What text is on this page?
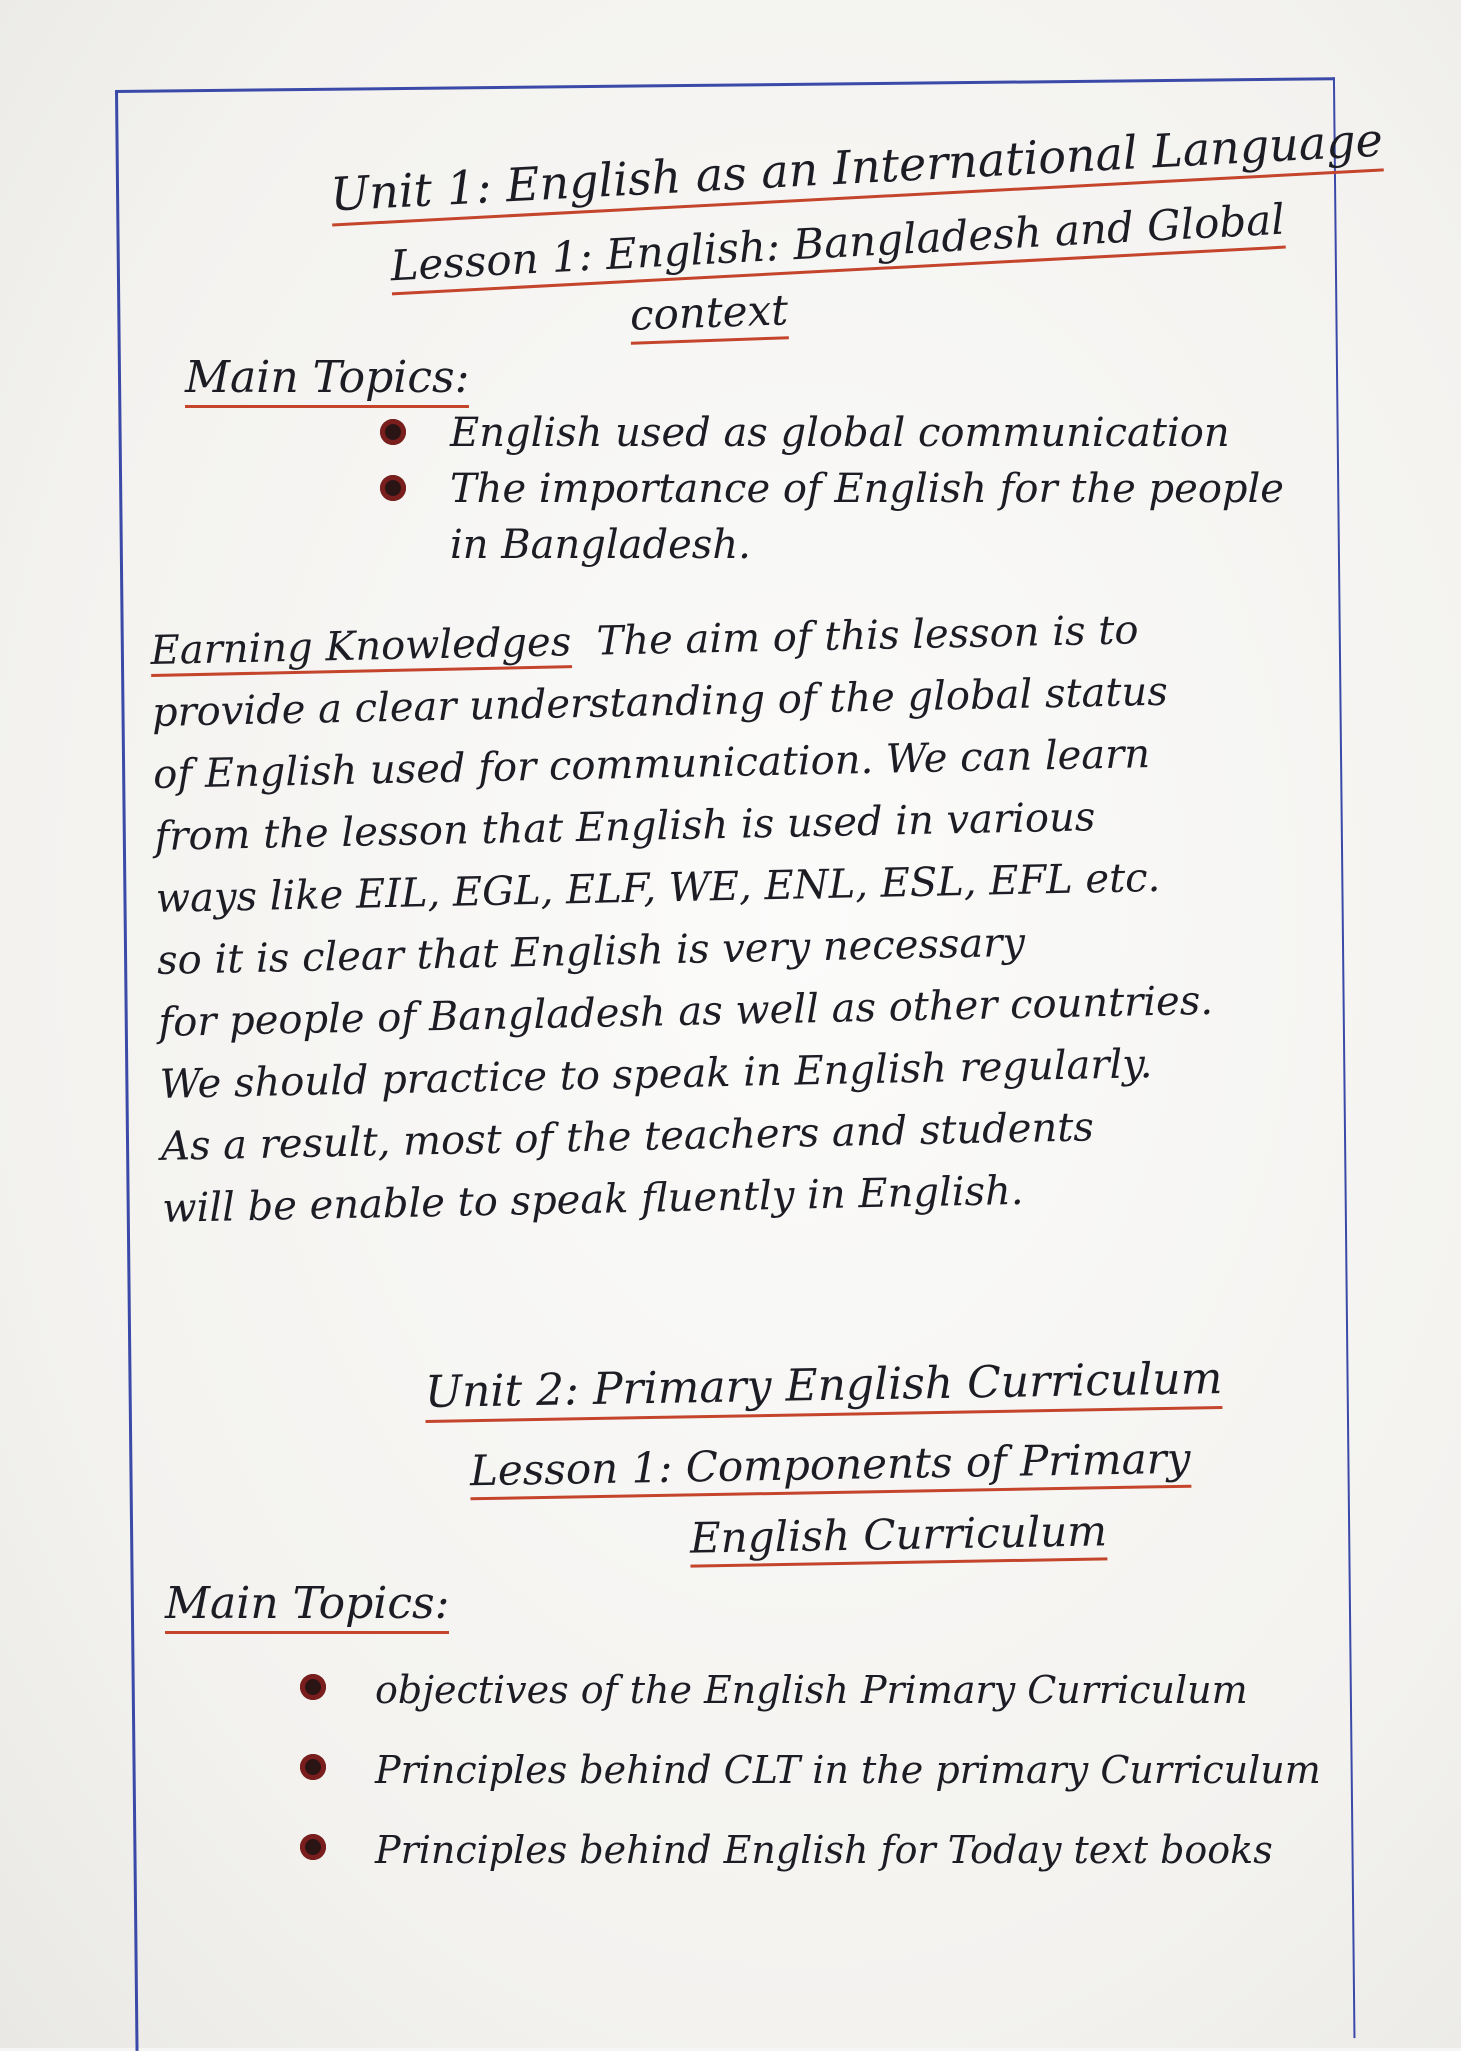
Unit 1: English as an International Language
Lesson 1: English: Bangladesh and Global
context
Main Topics:
English used as global communication
The importance of English for the people
in Bangladesh.
Earning Knowledges The aim of this lesson is to
provide a clear understanding of the global status
of English used for communication. We can learn
from the lesson that English is used in various
ways like EIL, EGL, ELF, WE, ENL, ESL, EFL etc.
so it is clear that English is very necessary
for people of Bangladesh as well as other countries.
We should practice to speak in English regularly.
As a result, most of the teachers and students
will be enable to speak fluently in English.
Unit 2: Primary English Curriculum
Lesson 1: Components of Primary
English Curriculum
Main Topics:
objectives of the English Primary Curriculum
Principles behind CLT in the primary Curriculum
Principles behind English for Today text books
